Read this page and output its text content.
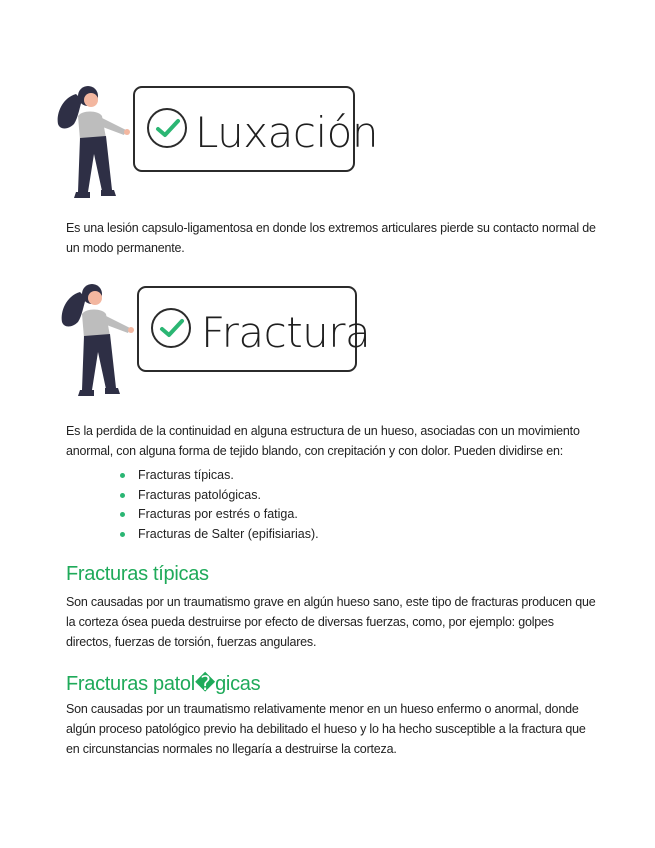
Luxación
Es una lesión capsulo-ligamentosa en donde los extremos articulares pierde su contacto normal de un modo permanente.
Fractura
Es la perdida de la continuidad en alguna estructura de un hueso, asociadas con un movimiento anormal, con alguna forma de tejido blando, con crepitación y con dolor. Pueden dividirse en:
Fracturas típicas.
Fracturas patológicas.
Fracturas por estrés o fatiga.
Fracturas de Salter (epifisiarias).
Fracturas típicas
Son causadas por un traumatismo grave en algún hueso sano, este tipo de fracturas producen que la corteza ósea pueda destruirse por efecto de diversas fuerzas, como, por ejemplo: golpes directos, fuerzas de torsión, fuerzas angulares.
Fracturas patol�gicas
Son causadas por un traumatismo relativamente menor en un hueso enfermo o anormal, donde algún proceso patológico previo ha debilitado el hueso y lo ha hecho susceptible a la fractura que en circunstancias normales no llegaría a destruirse la corteza.
